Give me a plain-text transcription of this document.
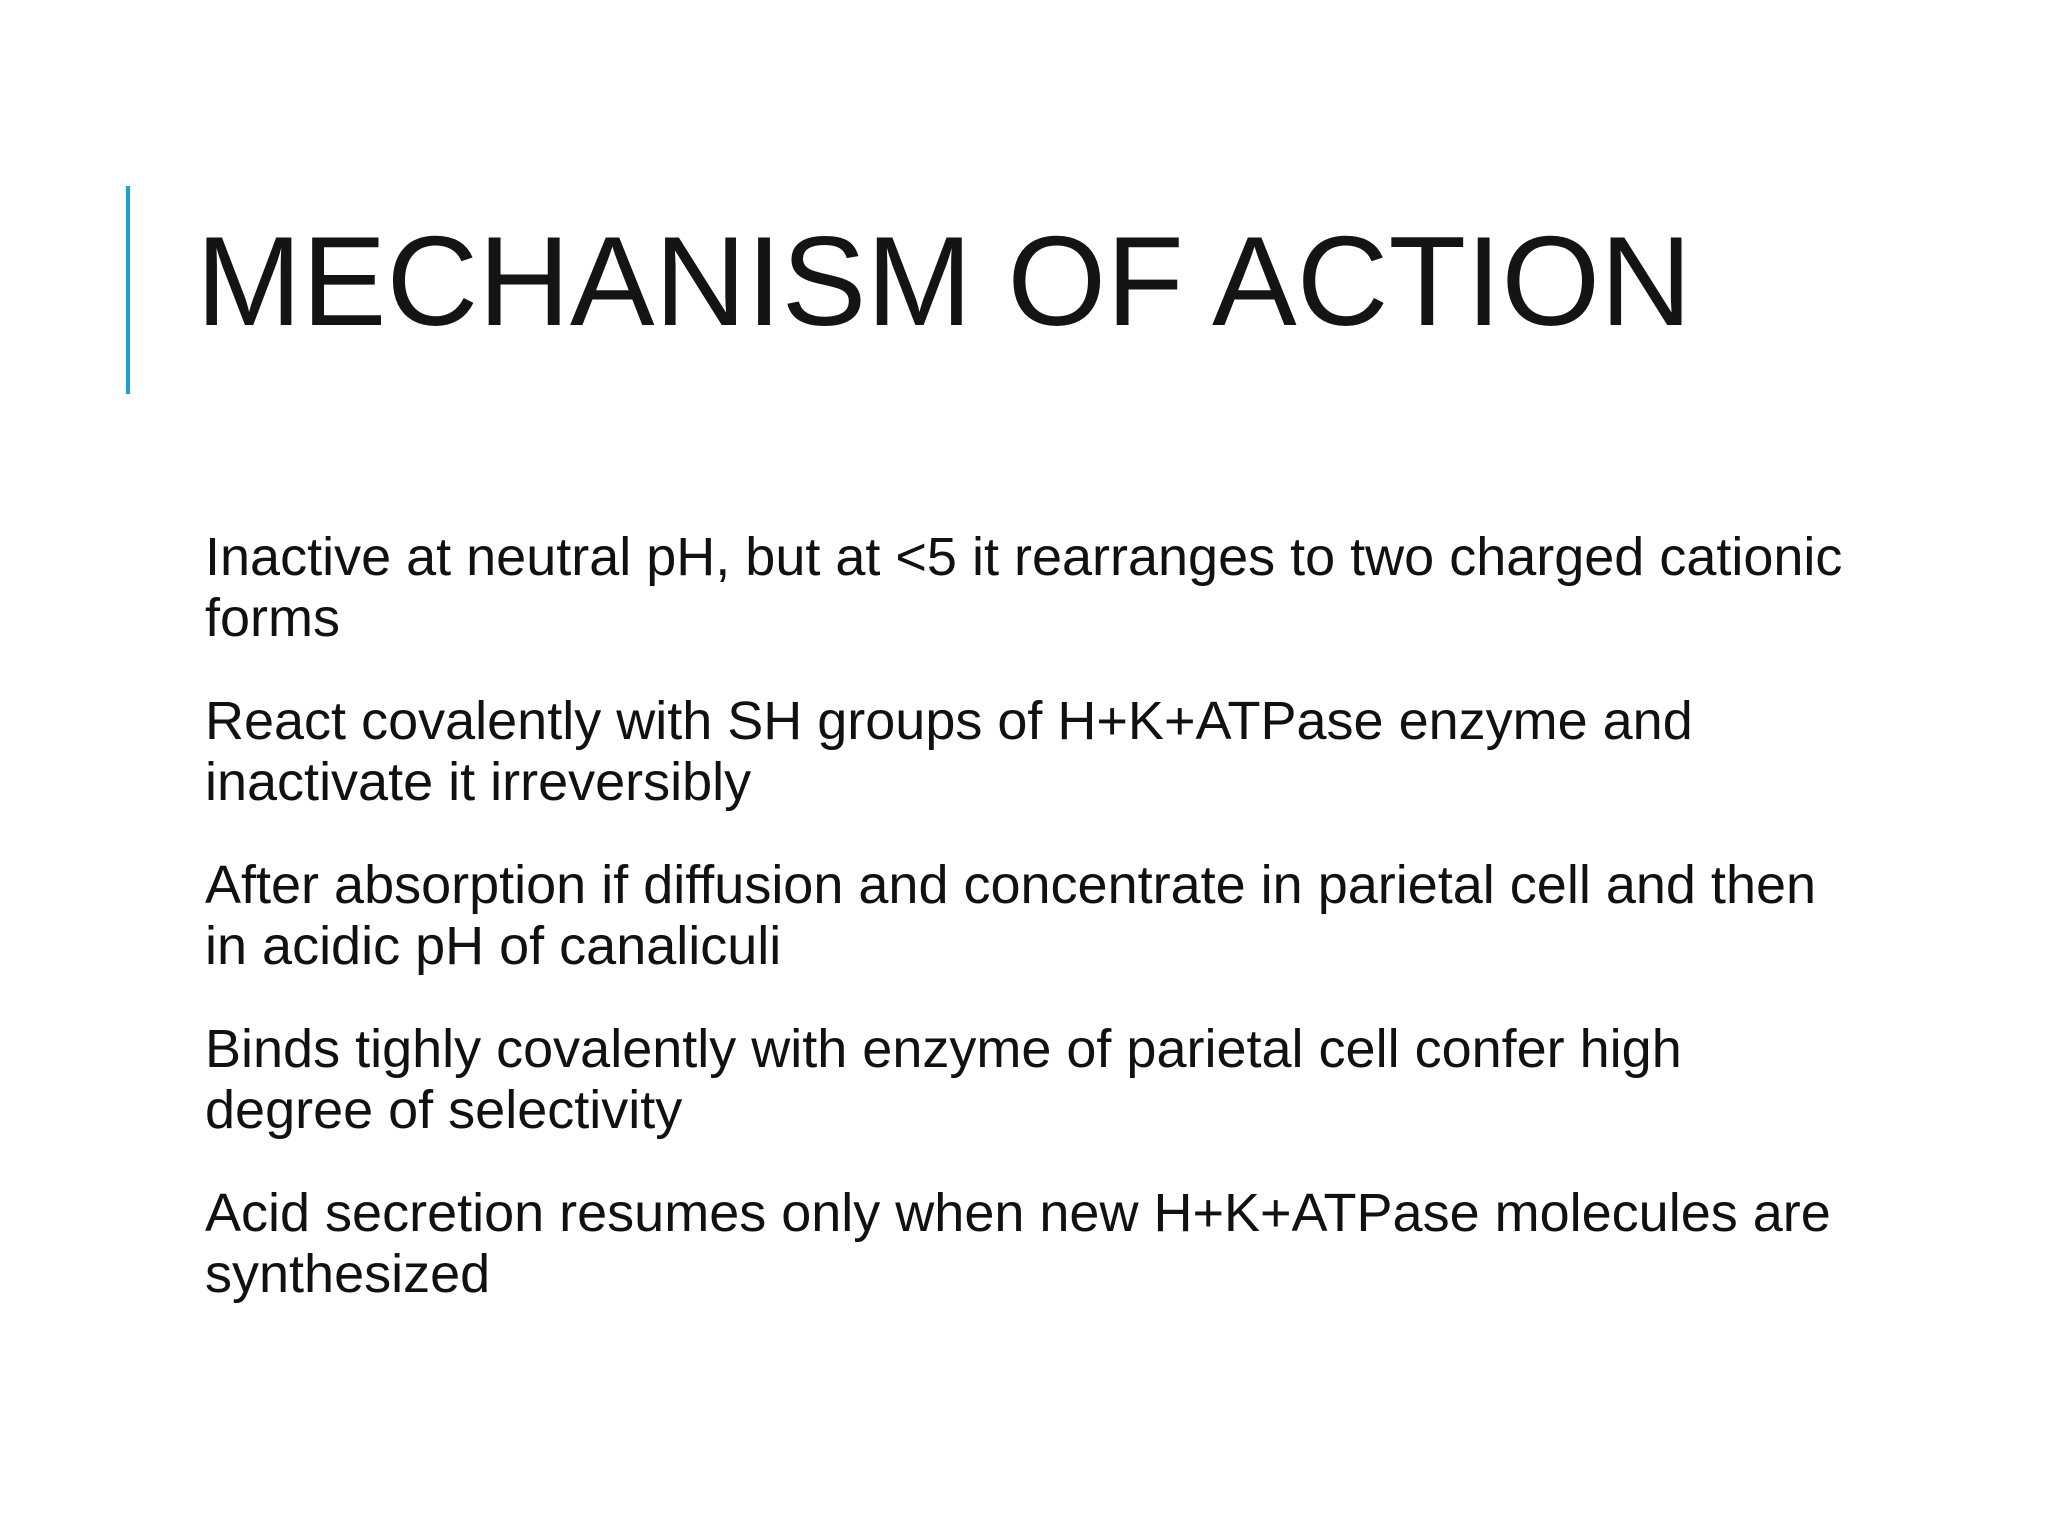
MECHANISM OF ACTION
Inactive at neutral pH, but at <5 it rearranges to two charged cationic forms
React covalently with SH groups of H+K+ATPase enzyme and inactivate it irreversibly
After absorption if diffusion and concentrate in parietal cell and then in acidic pH of canaliculi
Binds tighly covalently with enzyme of parietal cell confer high degree of selectivity
Acid secretion resumes only when new H+K+ATPase molecules are synthesized
